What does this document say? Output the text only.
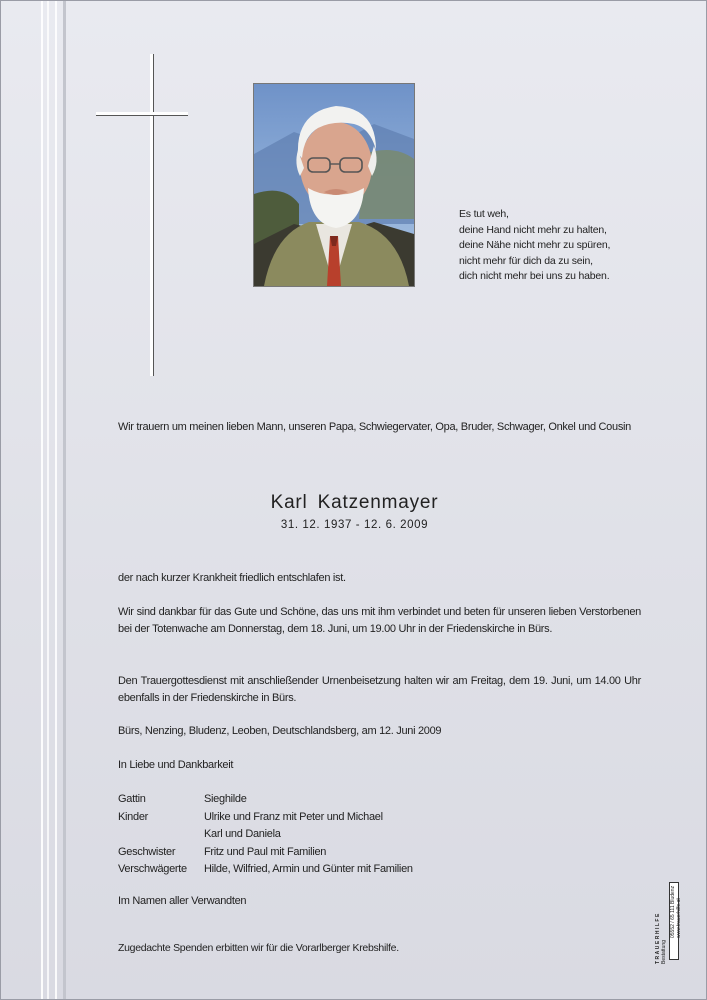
Es tut weh,
deine Hand nicht mehr zu halten,
deine Nähe nicht mehr zu spüren,
nicht mehr für dich da zu sein,
dich nicht mehr bei uns zu haben.
Wir trauern um meinen lieben Mann, unseren Papa, Schwiegervater, Opa, Bruder, Schwager, Onkel und Cousin
Karl Katzenmayer
31. 12. 1937 - 12. 6. 2009
der nach kurzer Krankheit friedlich entschlafen ist.
Wir sind dankbar für das Gute und Schöne, das uns mit ihm verbindet und beten für unseren lieben Verstorbenen bei der Totenwache am Donnerstag, dem 18. Juni, um 19.00 Uhr in der Friedenskirche in Bürs.
Den Trauergottesdienst mit anschließender Urnenbeisetzung halten wir am Freitag, dem 19. Juni, um 14.00 Uhr ebenfalls in der Friedenskirche in Bürs.
Bürs, Nenzing, Bludenz, Leoben, Deutschlandsberg, am 12. Juni 2009
In Liebe und Dankbarkeit
Gattin	Sieghilde
Kinder	Ulrike und Franz mit Peter und Michael
Karl und Daniela
Geschwister	Fritz und Paul mit Familien
Verschwägerte	Hilde, Wilfried, Armin und Günter mit Familien
Im Namen aller Verwandten
Zugedachte Spenden erbitten wir für die Vorarlberger Krebshilfe.	TRAUERHILFE Bestattung
05552 / 65 111 Bludenz www.trauerhilfe.at
